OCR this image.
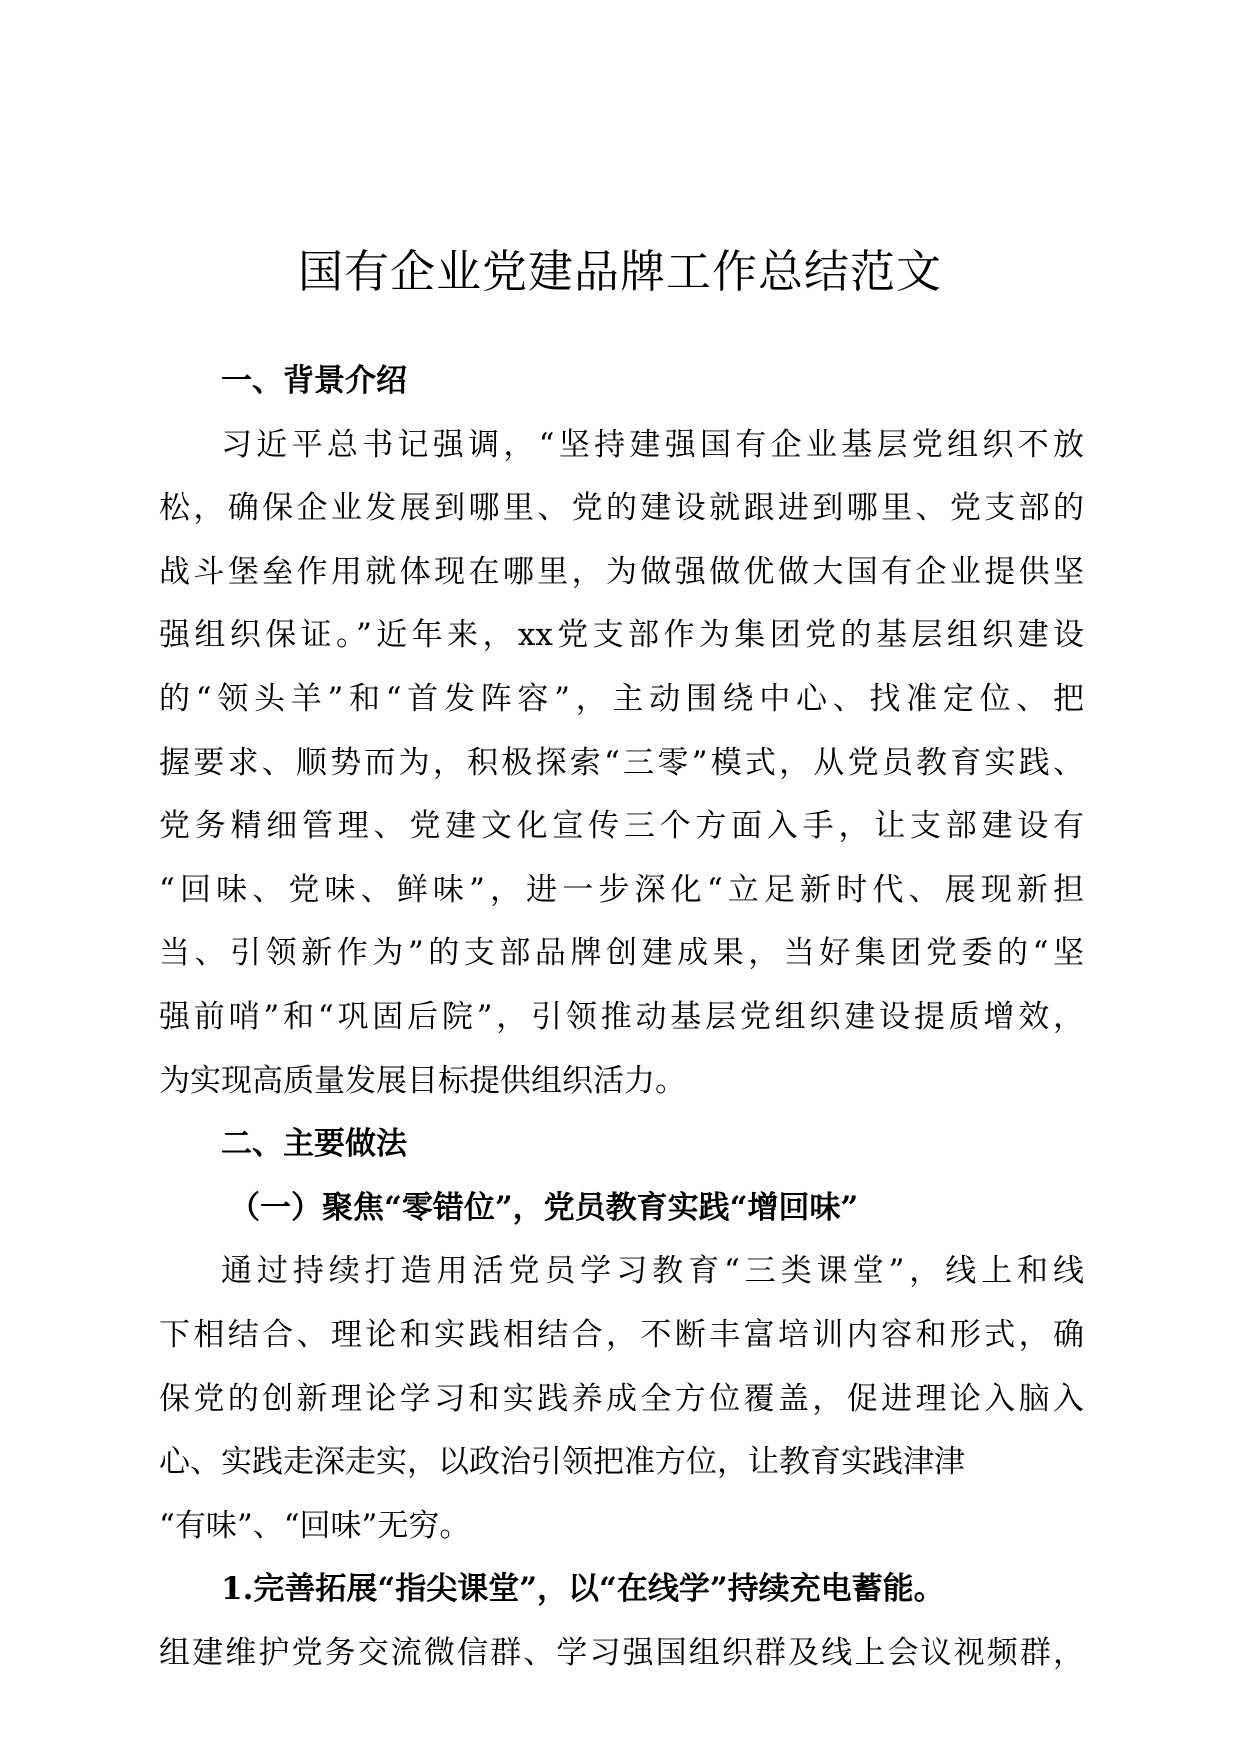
国有企业党建品牌工作总结范文
一、背景介绍
习近平总书记强调，“坚持建强国有企业基层党组织不放
松，确保企业发展到哪里、党的建设就跟进到哪里、党支部的
战斗堡垒作用就体现在哪里，为做强做优做大国有企业提供坚
强组织保证。”近年来，xx党支部作为集团党的基层组织建设
的“领头羊”和“首发阵容”，主动围绕中心、找准定位、把
握要求、顺势而为，积极探索“三零”模式，从党员教育实践、
党务精细管理、党建文化宣传三个方面入手，让支部建设有
“回味、党味、鲜味”，进一步深化“立足新时代、展现新担
当、引领新作为”的支部品牌创建成果，当好集团党委的“坚
强前哨”和“巩固后院”，引领推动基层党组织建设提质增效，
为实现高质量发展目标提供组织活力。
二、主要做法
（一）聚焦“零错位”，党员教育实践“增回味”
通过持续打造用活党员学习教育“三类课堂”，线上和线
下相结合、理论和实践相结合，不断丰富培训内容和形式，确
保党的创新理论学习和实践养成全方位覆盖，促进理论入脑入
心、实践走深走实，以政治引领把准方位，让教育实践津津
“有味”、“回味”无穷。
1.完善拓展“指尖课堂”，以“在线学”持续充电蓄能。
组建维护党务交流微信群、学习强国组织群及线上会议视频群，
